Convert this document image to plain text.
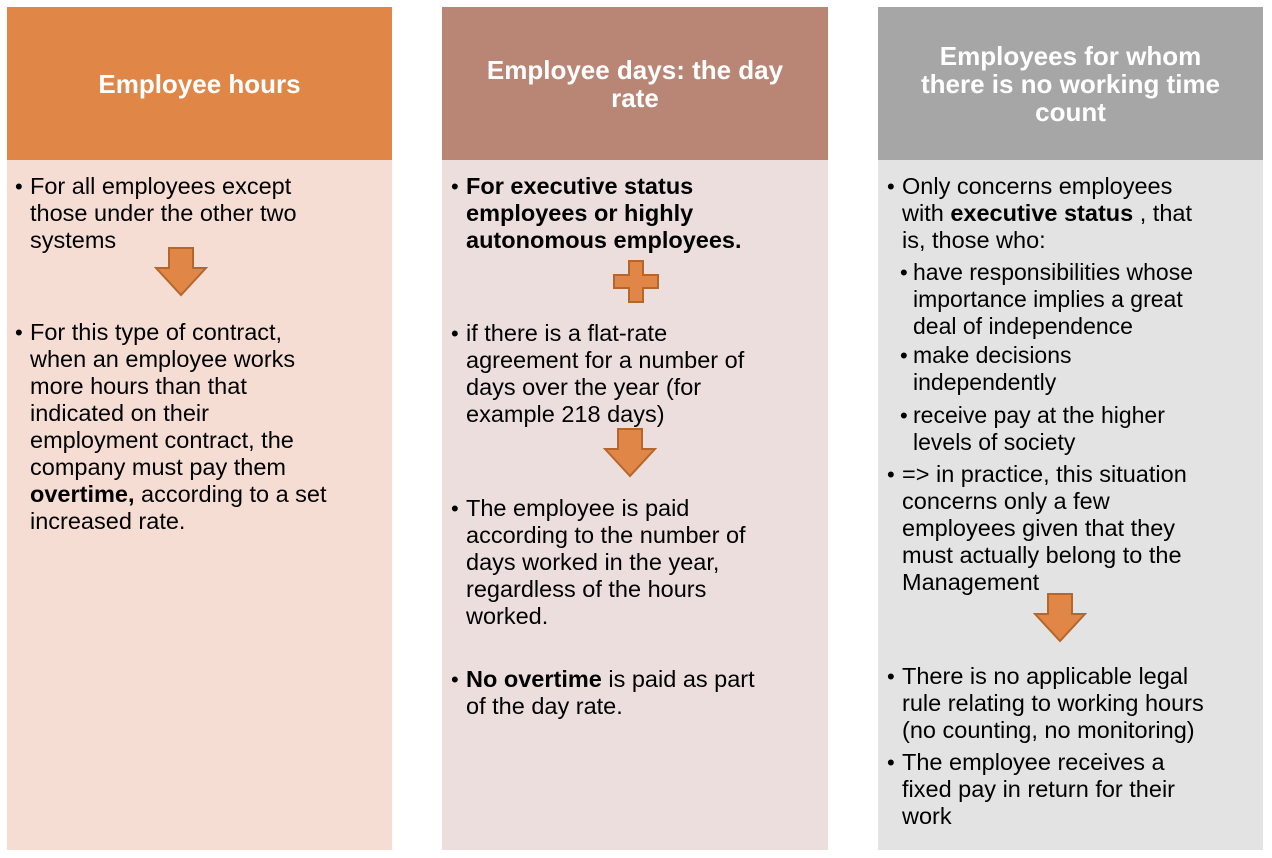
Employee hours
• For all employees except
those under the other two
systems
• For this type of contract,
when an employee works
more hours than that
indicated on their
employment contract, the
company must pay them
overtime, according to a set
increased rate.
Employee days: the day rate
• For executive status
employees or highly
autonomous employees.
• if there is a flat-rate
agreement for a number of
days over the year (for
example 218 days)
• The employee is paid
according to the number of
days worked in the year,
regardless of the hours
worked.
• No overtime is paid as part
of the day rate.
Employees for whom there is no working time count
• Only concerns employees
with executive status , that
is, those who:
• have responsibilities whose
importance implies a great
deal of independence
• make decisions
independently
• receive pay at the higher
levels of society
• => in practice, this situation
concerns only a few
employees given that they
must actually belong to the
Management
• There is no applicable legal
rule relating to working hours
(no counting, no monitoring)
• The employee receives a
fixed pay in return for their
work
